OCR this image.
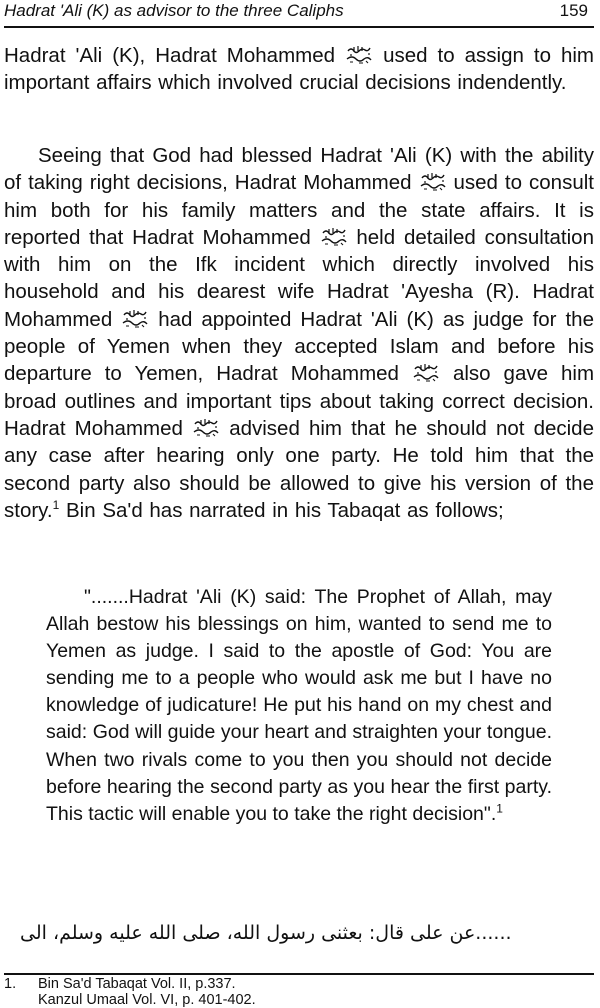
Hadrat 'Ali (K) as advisor to the three Caliphs	159
Hadrat 'Ali (K), Hadrat Mohammed used to assign to him important affairs which involved crucial decisions indendently.
Seeing that God had blessed Hadrat 'Ali (K) with the ability of taking right decisions, Hadrat Mohammed used to consult him both for his family matters and the state affairs. It is reported that Hadrat Mohammed held detailed consultation with him on the Ifk incident which directly involved his household and his dearest wife Hadrat 'Ayesha (R). Hadrat Mohammed had appointed Hadrat 'Ali (K) as judge for the people of Yemen when they accepted Islam and before his departure to Yemen, Hadrat Mohammed	also gave him broad outlines and important tips about taking correct decision. Hadrat Mohammed advised him that he should not decide any case after hearing only one party. He told him that the second party also should be allowed to give his version of the story.$^1$ Bin Sa'd has narrated in his Tabaqat as follows;
".......Hadrat 'Ali (K) said: The Prophet of Allah, may Allah bestow his blessings on him, wanted to send me to Yemen as judge. I said to the apostle of God: You are sending me to a people who would ask me but I have no knowledge of judicature! He put his hand on my chest and said: God will guide your heart and straighten your tongue. When two rivals come to you then you should not decide before hearing the second party as you hear the first party. This tactic will enable you to take the right decision".$^1$
......عن علی قال: بعثنی رسول الله، صلی الله علیه وسلم، الی
1. Bin Sa'd Tabaqat Vol. II, p.337.
Kanzul Umaal Vol. VI, p. 401-402.
